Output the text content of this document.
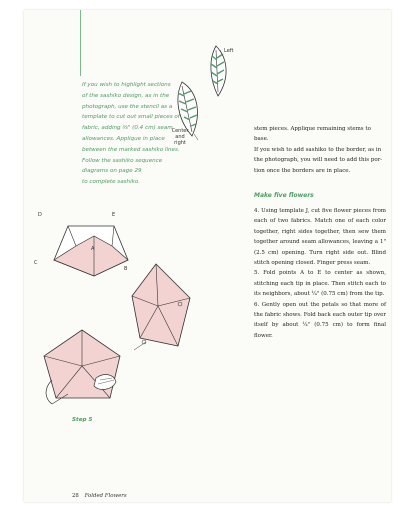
If you wish to highlight sections

of the sashiko design, as in the

photograph, use the stencil as a

template to cut out small pieces of

fabric, adding ⅜" (0.4 cm) seam

allowances. Applique in place

between the marked sashiko lines.

Follow the sashiko sequence diagrams on page 29

to complete sashiko.

Left
Center
and
right

stem pieces. Applique remaining stems to base.

If you wish to add sashiko to the border, as in

the photograph, you will need to add this por-

tion once the borders are in place.

Make five flowers

4. Using template J, cut five flower pieces from each of two fabrics. Match one of each color together, right sides together, then sew them together around seam allowances, leaving a 1" (2.5 cm) opening. Turn right side out. Blind stitch opening closed. Finger press seam.

5. Fold points A to E to center as shown, stitching each tip in place. Then stitch each to its neighbors, about ¼" (0.75 cm) from the tip.

6. Gently open out the petals so that more of the fabric shows. Fold back each outer tip over itself by about ¼" (0.75 cm) to form final flower.

D	E
C
A
B
Step 5
28 Folded Flowers
